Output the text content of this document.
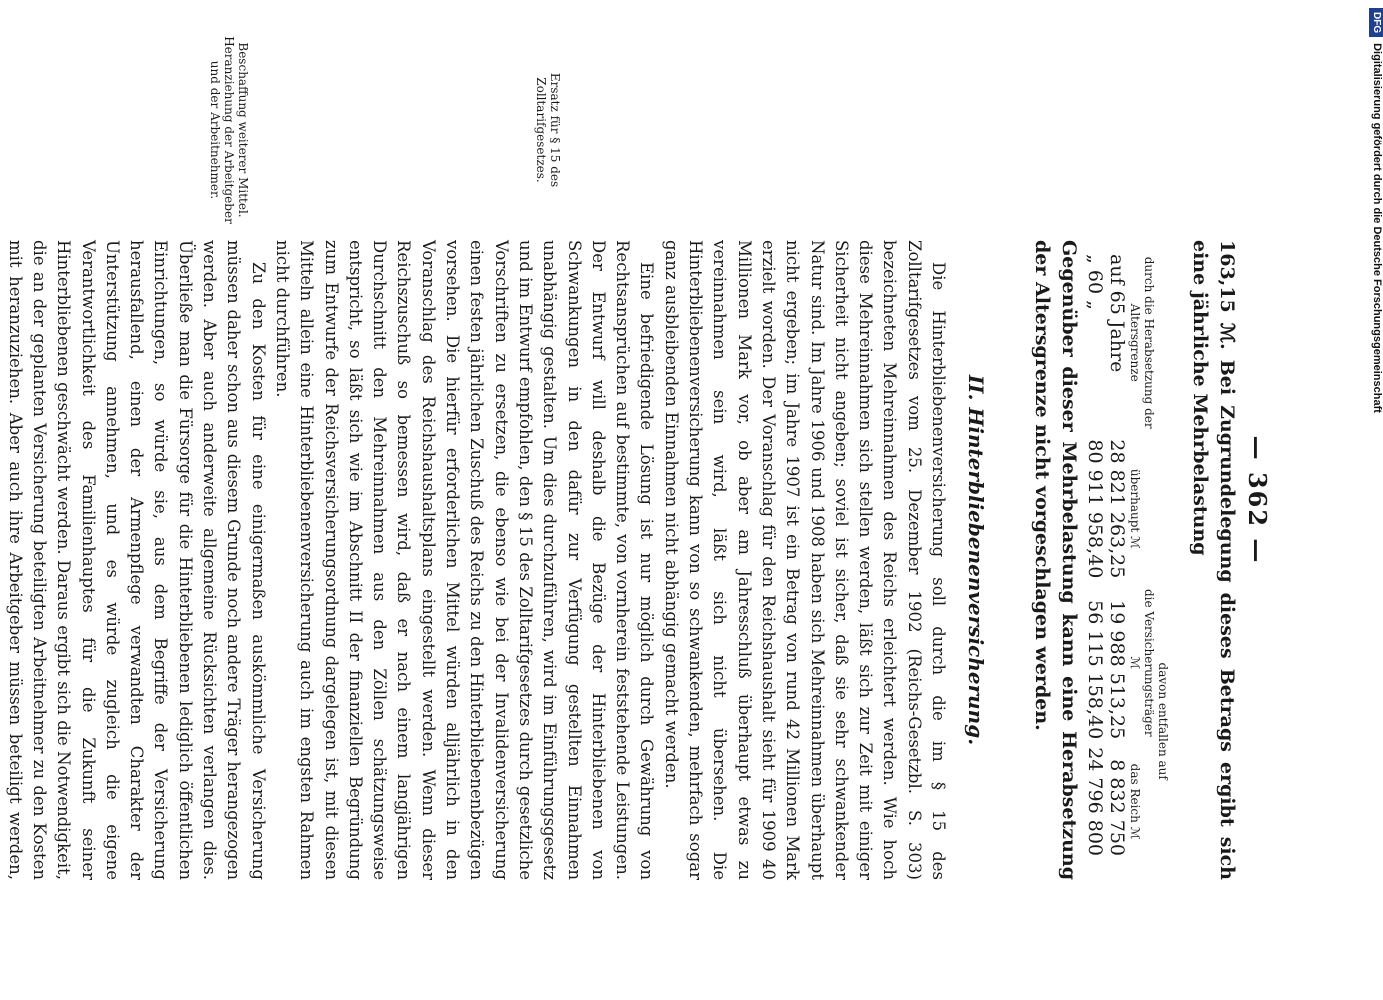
— 362 —
163,15 ℳ. Bei Zugrundelegung dieses Betrags ergibt sich eine jährliche Mehrbelastung
		davon entfallen auf	
durch die Herabsetzung der Altersgrenze	überhaupt ℳ	die Versicherungsträger ℳ	das Reich ℳ
auf 65 Jahre	28 821 263,25	19 988 513,25	8 832 750
„ 60 „	80 911 958,40	56 115 158,40	24 796 800
Gegenüber dieser Mehrbelastung kann eine Herabsetzung der Altersgrenze nicht vorgeschlagen werden.
II. Hinterbliebenenversicherung.
Ersatz für § 15 des Zolltarifgesetzes.
Beschaffung weiterer Mittel. Heranziehung der Arbeitgeber und der Arbeitnehmer.

Die Hinterbliebenenversicherung soll durch die im § 15 des Zolltarifgesetzes vom 25. Dezember 1902 (Reichs-Gesetzbl. S. 303) bezeichneten Mehreinnahmen des Reichs erleichtert werden. Wie hoch diese Mehreinnahmen sich stellen werden, läßt sich zur Zeit mit einiger Sicherheit nicht angeben; soviel ist sicher, daß sie sehr schwankender Natur sind. Im Jahre 1906 und 1908 haben sich Mehreinnahmen überhaupt nicht ergeben; im Jahre 1907 ist ein Betrag von rund 42 Millionen Mark erzielt worden. Der Voranschlag für den Reichshaushalt sieht für 1909 40 Millionen Mark vor, ob aber am Jahresschluß überhaupt etwas zu vereinnahmen sein wird, läßt sich nicht übersehen. Die Hinterbliebenenversicherung kann von so schwankenden, mehrfach sogar ganz ausbleibenden Einnahmen nicht abhängig gemacht werden.

Eine befriedigende Lösung ist nur möglich durch Gewährung von Rechtsansprüchen auf bestimmte, von vornherein feststehende Leistungen. Der Entwurf will deshalb die Bezüge der Hinterbliebenen von Schwankungen in den dafür zur Verfügung gestellten Einnahmen unabhängig gestalten. Um dies durchzuführen, wird im Einführungsgesetz und im Entwurf empfohlen, den § 15 des Zolltarifgesetzes durch gesetzliche Vorschriften zu ersetzen, die ebenso wie bei der Invalidenversicherung einen festen jährlichen Zuschuß des Reichs zu den Hinterbliebenenbezügen vorsehen. Die hierfür erforderlichen Mittel würden alljährlich in den Voranschlag des Reichshaushaltsplans eingestellt werden. Wenn dieser Reichszuschuß so bemessen wird, daß er nach einem langjährigen Durchschnitt den Mehreinnahmen aus den Zöllen schätzungsweise entspricht, so läßt sich wie im Abschnitt II der finanziellen Begründung zum Entwurfe der Reichsversicherungsordnung dargelegen ist, mit diesen Mitteln allein eine Hinterbliebenenversicherung auch im engsten Rahmen nicht durchführen.

Zu den Kosten für eine einigermaßen auskömmliche Versicherung müssen daher schon aus diesem Grunde noch andere Träger herangezogen werden. Aber auch anderweite allgemeine Rücksichten verlangen dies. Überließe man die Fürsorge für die Hinterbliebenen lediglich öffentlichen Einrichtungen, so würde sie, aus dem Begriffe der Versicherung herausfallend, einen der Armenpflege verwandten Charakter der Unterstützung annehmen, und es würde zugleich die eigene Verantwortlichkeit des Familienhauptes für die Zukunft seiner Hinterbliebenen geschwächt werden. Daraus ergibt sich die Notwendigkeit, die an der geplanten Versicherung beteiligten Arbeitnehmer zu den Kosten mit heranzuziehen. Aber auch ihre Arbeitgeber müssen beteiligt werden,

DFG
Digitalisierung gefördert durch die Deutsche Forschungsgemeinschaft
